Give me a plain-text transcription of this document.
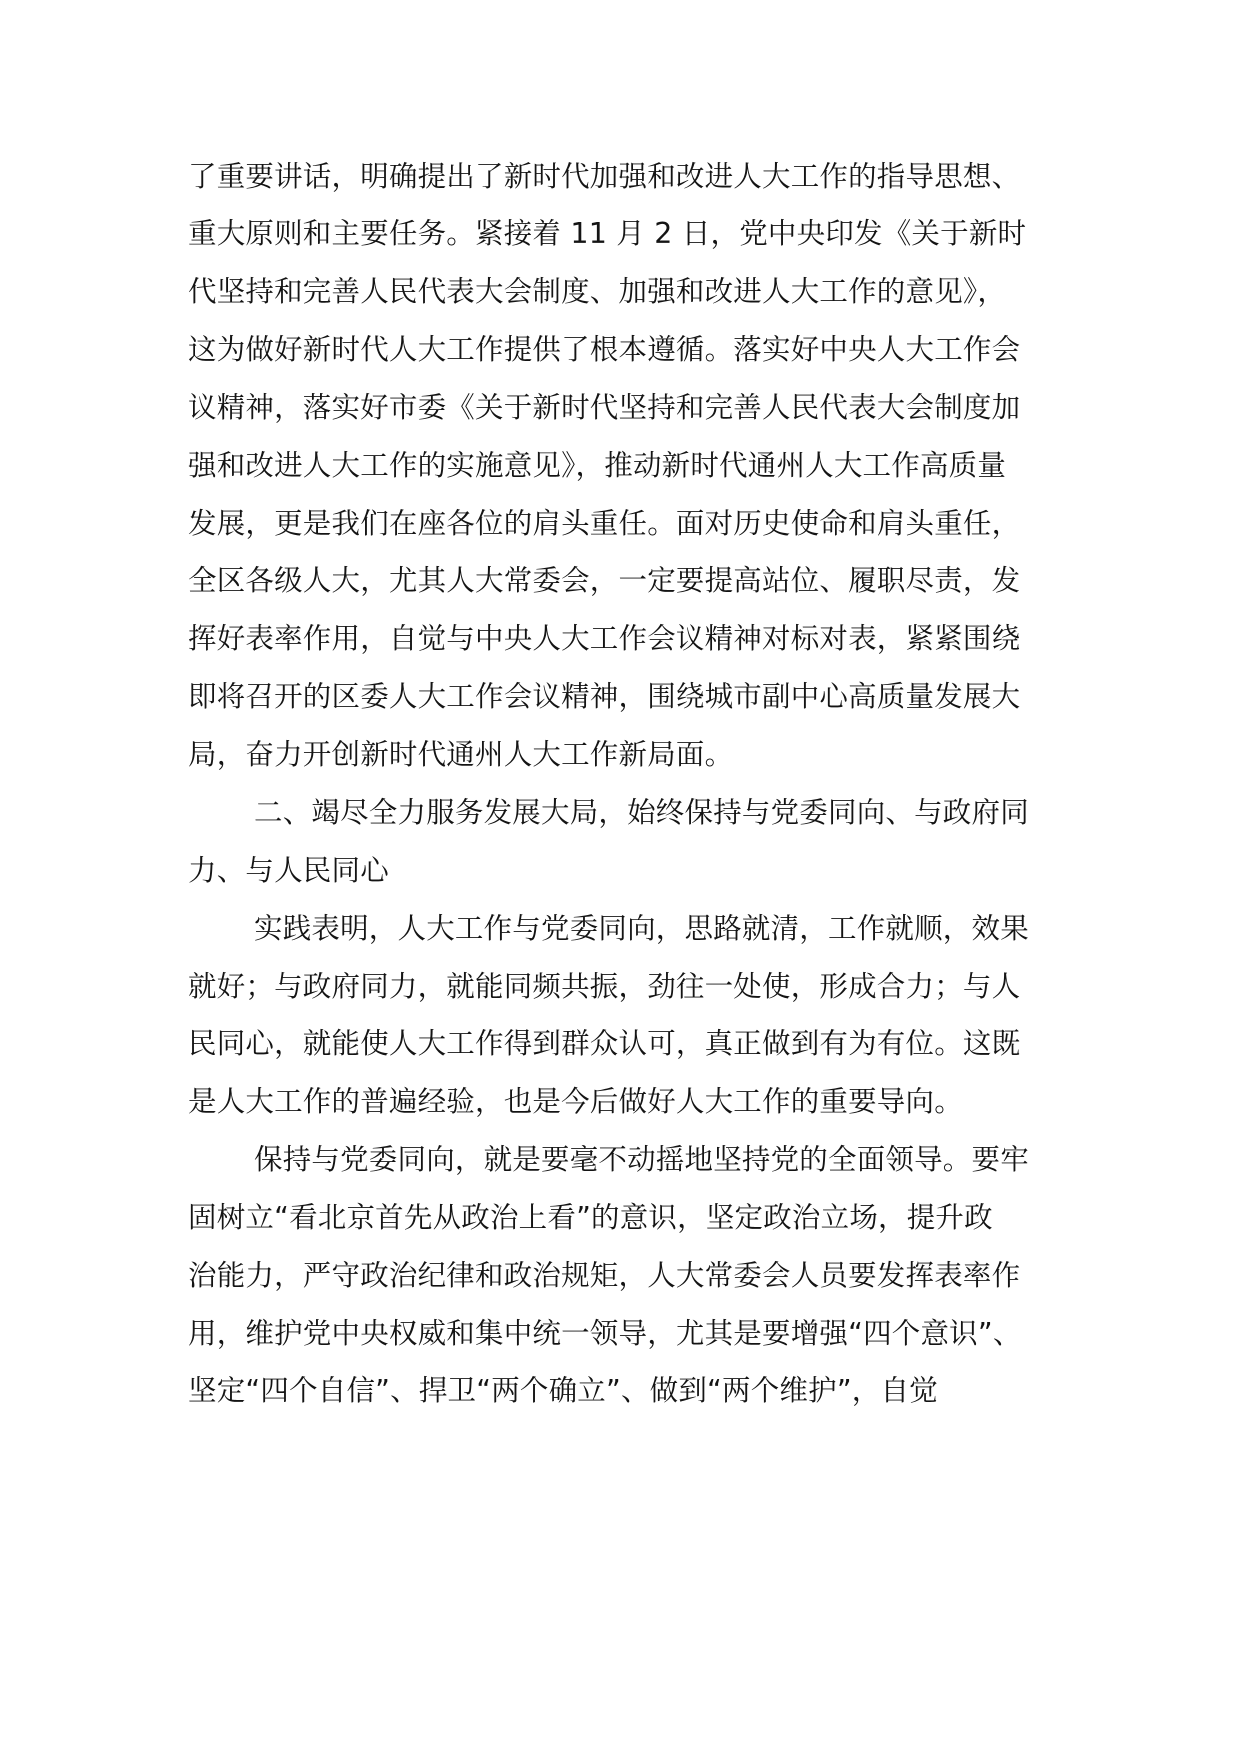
了重要讲话，明确提出了新时代加强和改进人大工作的指导思想、
重大原则和主要任务。紧接着 11 月 2 日，党中央印发《关于新时
代坚持和完善人民代表大会制度、加强和改进人大工作的意见》，
这为做好新时代人大工作提供了根本遵循。落实好中央人大工作会
议精神，落实好市委《关于新时代坚持和完善人民代表大会制度加
强和改进人大工作的实施意见》，推动新时代通州人大工作高质量
发展，更是我们在座各位的肩头重任。面对历史使命和肩头重任，
全区各级人大，尤其人大常委会，一定要提高站位、履职尽责，发
挥好表率作用，自觉与中央人大工作会议精神对标对表，紧紧围绕
即将召开的区委人大工作会议精神，围绕城市副中心高质量发展大
局，奋力开创新时代通州人大工作新局面。
二、竭尽全力服务发展大局，始终保持与党委同向、与政府同
力、与人民同心
实践表明，人大工作与党委同向，思路就清，工作就顺，效果
就好；与政府同力，就能同频共振，劲往一处使，形成合力；与人
民同心，就能使人大工作得到群众认可，真正做到有为有位。这既
是人大工作的普遍经验，也是今后做好人大工作的重要导向。
保持与党委同向，就是要毫不动摇地坚持党的全面领导。要牢
固树立“看北京首先从政治上看”的意识，坚定政治立场，提升政
治能力，严守政治纪律和政治规矩，人大常委会人员要发挥表率作
用，维护党中央权威和集中统一领导，尤其是要增强“四个意识”、
坚定“四个自信”、捍卫“两个确立”、做到“两个维护”，自觉
